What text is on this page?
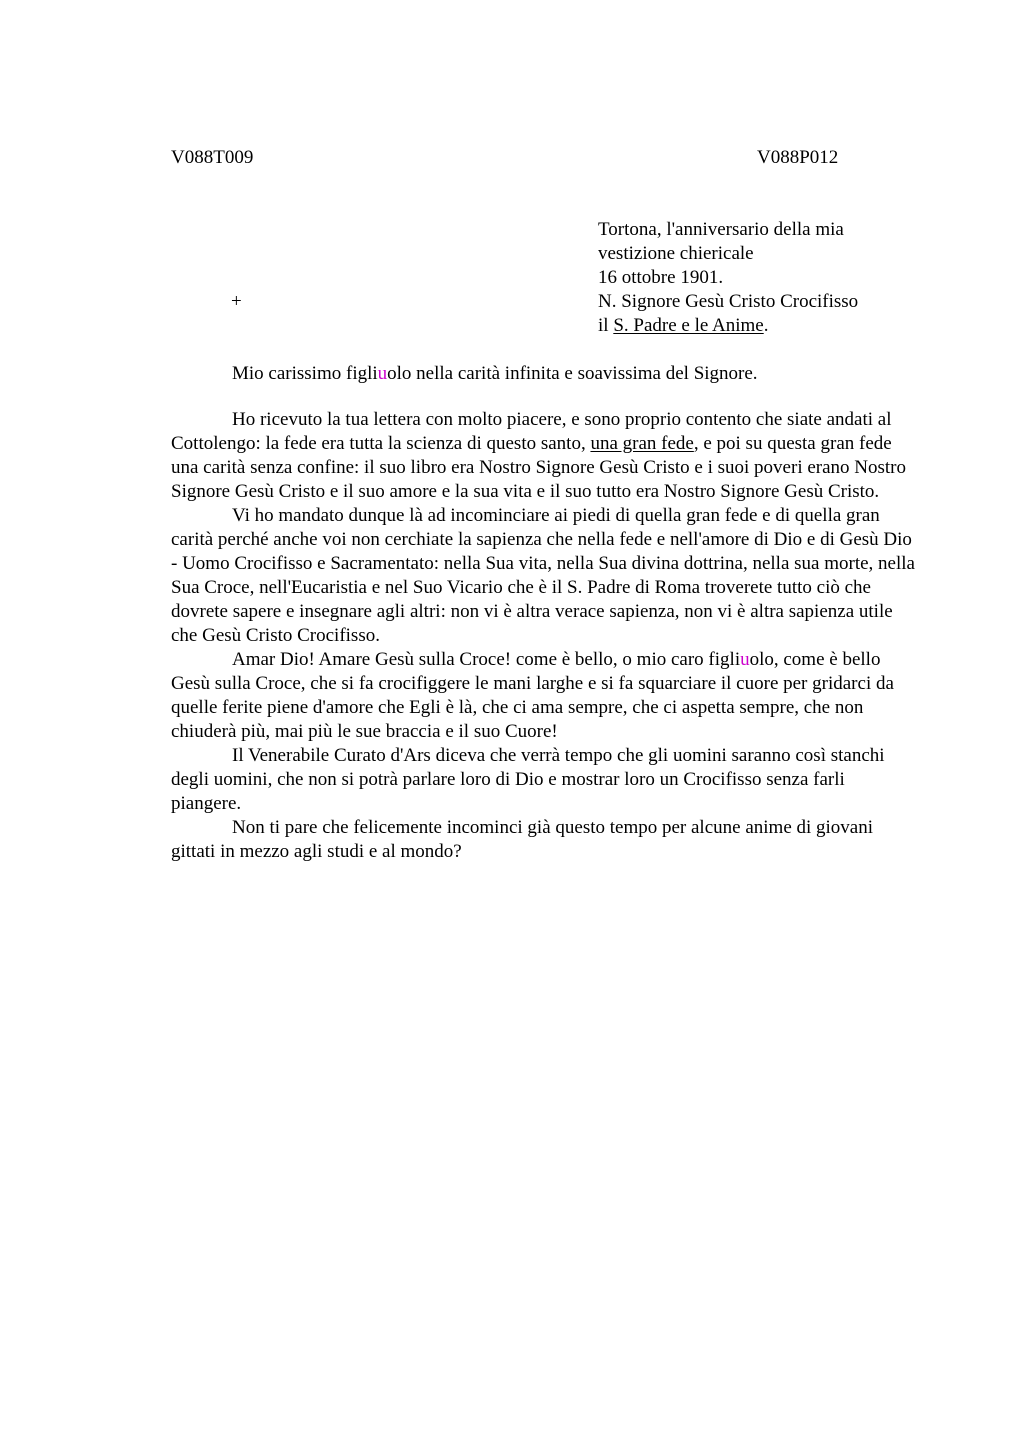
V088T009	V088P012
Tortona, l'anniversario della mia
vestizione chiericale
16 ottobre 1901.
N. Signore Gesù Cristo Crocifisso
il S. Padre e le Anime.
+
Mio carissimo figliuolo nella carità infinita e soavissima del Signore.

Ho ricevuto la tua lettera con molto piacere, e sono proprio contento che siate andati al Cottolengo: la fede era tutta la scienza di questo santo, una gran fede, e poi su questa gran fede una carità senza confine: il suo libro era Nostro Signore Gesù Cristo e i suoi poveri erano Nostro Signore Gesù Cristo e il suo amore e la sua vita e il suo tutto era Nostro Signore Gesù Cristo.

Vi ho mandato dunque là ad incominciare ai piedi di quella gran fede e di quella gran carità perché anche voi non cerchiate la sapienza che nella fede e nell'amore di Dio e di Gesù Dio - Uomo Crocifisso e Sacramentato: nella Sua vita, nella Sua divina dottrina, nella sua morte, nella Sua Croce, nell'Eucaristia e nel Suo Vicario che è il S. Padre di Roma troverete tutto ciò che dovrete sapere e insegnare agli altri: non vi è altra verace sapienza, non vi è altra sapienza utile che Gesù Cristo Crocifisso.

Amar Dio! Amare Gesù sulla Croce! come è bello, o mio caro figliuolo, come è bello Gesù sulla Croce, che si fa crocifiggere le mani larghe e si fa squarciare il cuore per gridarci da quelle ferite piene d'amore che Egli è là, che ci ama sempre, che ci aspetta sempre, che non chiuderà più, mai più le sue braccia e il suo Cuore!

Il Venerabile Curato d'Ars diceva che verrà tempo che gli uomini saranno così stanchi degli uomini, che non si potrà parlare loro di Dio e mostrar loro un Crocifisso senza farli piangere.

Non ti pare che felicemente incominci già questo tempo per alcune anime di giovani gittati in mezzo agli studi e al mondo?
